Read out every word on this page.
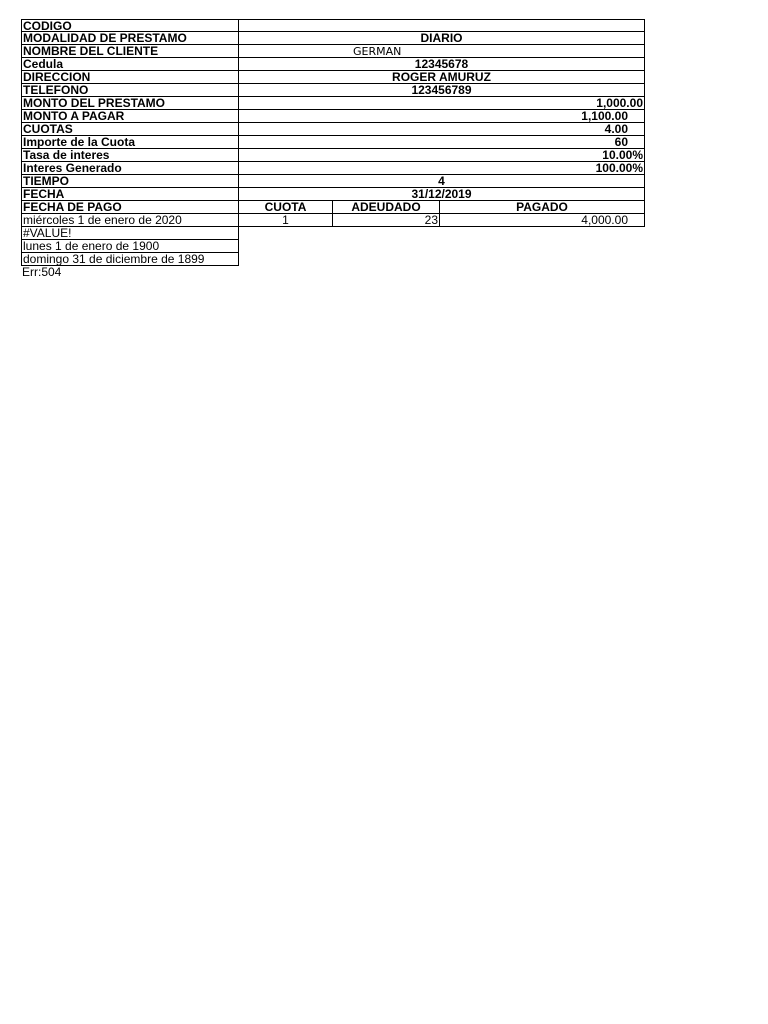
CODIGO
MODALIDAD DE PRESTAMO	DIARIO
NOMBRE DEL CLIENTE	GERMAN
Cedula	12345678
DIRECCION	ROGER AMURUZ
TELEFONO	123456789
MONTO DEL PRESTAMO	1,000.00
MONTO A PAGAR	1,100.00
CUOTAS	4.00
Importe de la Cuota	60
Tasa de interes	10.00%
Interes Generado	100.00%
TIEMPO	4
FECHA	31/12/2019
FECHA DE PAGO	CUOTA	ADEUDADO	PAGADO
miércoles 1 de enero de 2020	1	23	4,000.00
#VALUE!
lunes 1 de enero de 1900
domingo 31 de diciembre de 1899
Err:504
